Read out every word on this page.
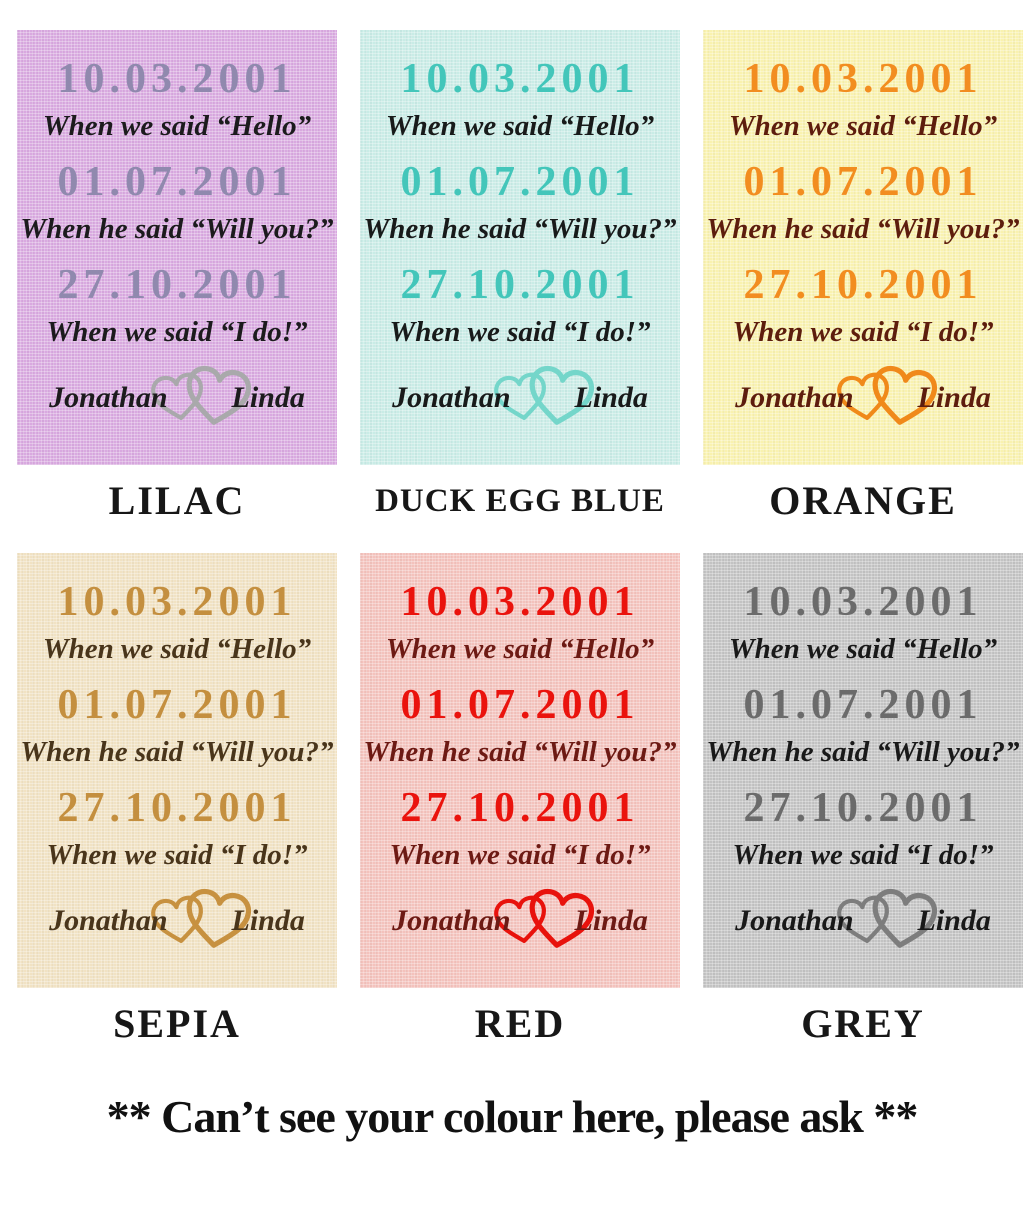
10.03.2001
When we said “Hello”
01.07.2001
When he said “Will you?”
27.10.2001
When we said “I do!”
Jonathan Linda
LILAC
10.03.2001
When we said “Hello”
01.07.2001
When he said “Will you?”
27.10.2001
When we said “I do!”
Jonathan Linda
DUCK EGG BLUE
10.03.2001
When we said “Hello”
01.07.2001
When he said “Will you?”
27.10.2001
When we said “I do!”
Jonathan Linda
ORANGE
10.03.2001
When we said “Hello”
01.07.2001
When he said “Will you?”
27.10.2001
When we said “I do!”
Jonathan Linda
SEPIA
10.03.2001
When we said “Hello”
01.07.2001
When he said “Will you?”
27.10.2001
When we said “I do!”
Jonathan Linda
RED
10.03.2001
When we said “Hello”
01.07.2001
When he said “Will you?”
27.10.2001
When we said “I do!”
Jonathan Linda
GREY
** Can’t see your colour here, please ask **
